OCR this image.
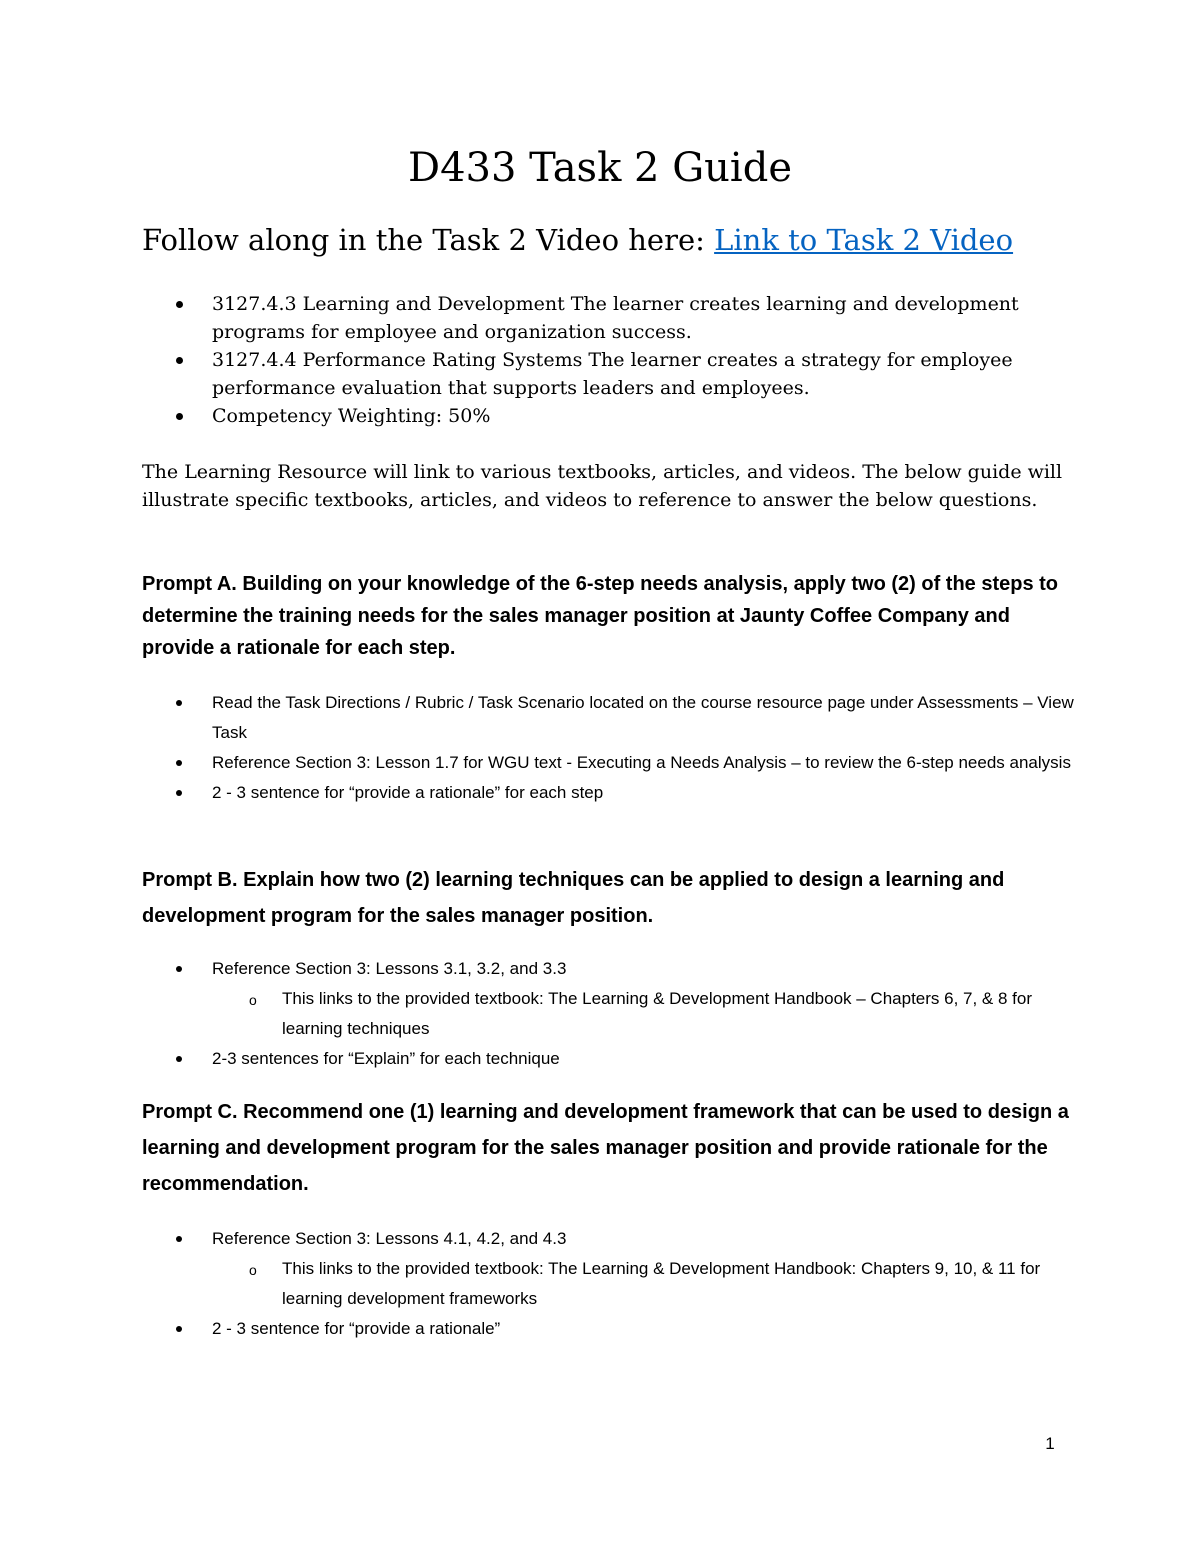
D433 Task 2 Guide
Follow along in the Task 2 Video here: Link to Task 2 Video
3127.4.3 Learning and Development The learner creates learning and development programs for employee and organization success.
3127.4.4 Performance Rating Systems The learner creates a strategy for employee performance evaluation that supports leaders and employees.
Competency Weighting: 50%

The Learning Resource will link to various textbooks, articles, and videos. The below guide will illustrate specific textbooks, articles, and videos to reference to answer the below questions.

Prompt A. Building on your knowledge of the 6-step needs analysis, apply two (2) of the steps to determine the training needs for the sales manager position at Jaunty Coffee Company and provide a rationale for each step.

Read the Task Directions / Rubric / Task Scenario located on the course resource page under Assessments – View Task
Reference Section 3: Lesson 1.7 for WGU text - Executing a Needs Analysis – to review the 6-step needs analysis
2 - 3 sentence for “provide a rationale” for each step

Prompt B. Explain how two (2) learning techniques can be applied to design a learning and development program for the sales manager position.

Reference Section 3: Lessons 3.1, 3.2, and 3.3
o This links to the provided textbook: The Learning & Development Handbook – Chapters 6, 7, & 8 for learning techniques
2-3 sentences for “Explain” for each technique

Prompt C. Recommend one (1) learning and development framework that can be used to design a learning and development program for the sales manager position and provide rationale for the recommendation.

Reference Section 3: Lessons 4.1, 4.2, and 4.3
o This links to the provided textbook: The Learning & Development Handbook: Chapters 9, 10, & 11 for learning development frameworks
2 - 3 sentence for “provide a rationale”
1
